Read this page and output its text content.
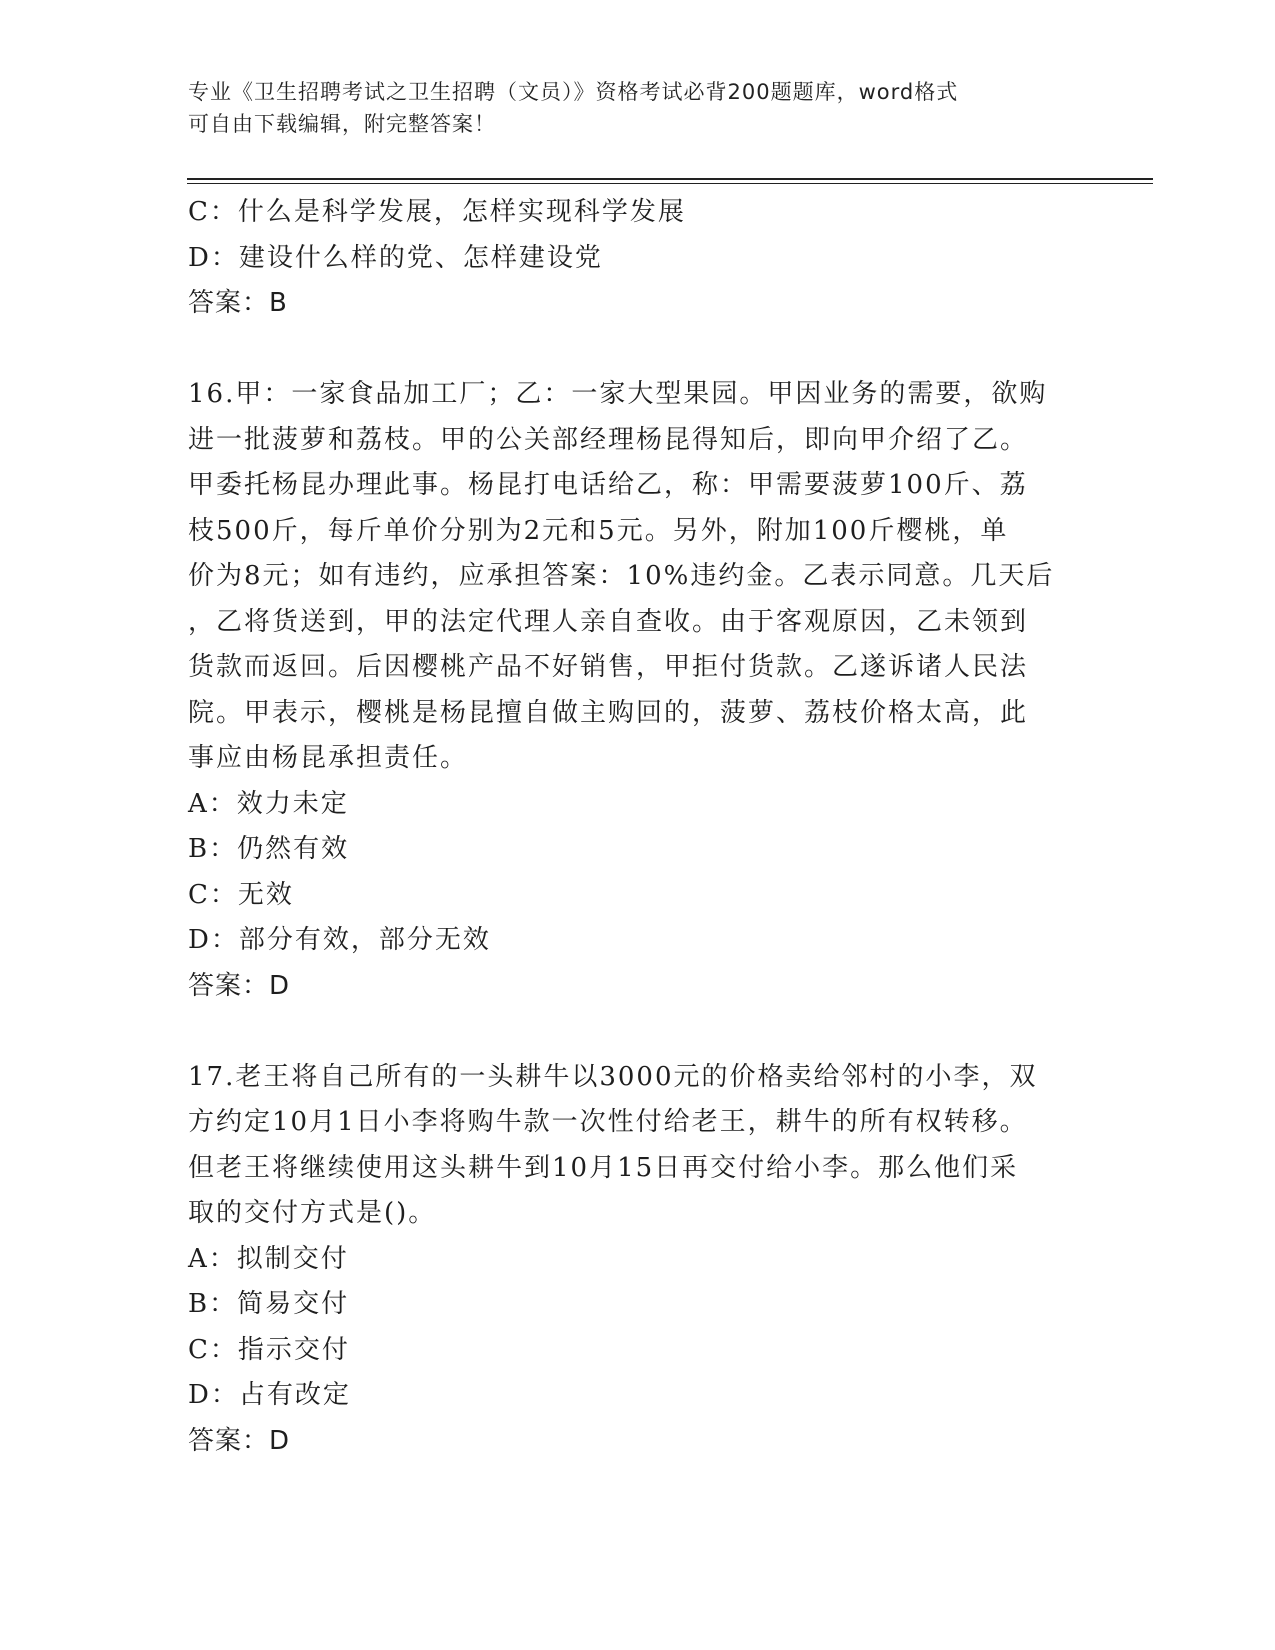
专业《卫生招聘考试之卫生招聘（文员）》资格考试必背200题题库，word格式
可自由下载编辑，附完整答案！
C：什么是科学发展，怎样实现科学发展
D：建设什么样的党、怎样建设党
答案：B
16.甲：一家食品加工厂；乙：一家大型果园。甲因业务的需要，欲购
进一批菠萝和荔枝。甲的公关部经理杨昆得知后，即向甲介绍了乙。
甲委托杨昆办理此事。杨昆打电话给乙，称：甲需要菠萝100斤、荔
枝500斤，每斤单价分别为2元和5元。另外，附加100斤樱桃，单
价为8元；如有违约，应承担答案：10%违约金。乙表示同意。几天后
，乙将货送到，甲的法定代理人亲自查收。由于客观原因，乙未领到
货款而返回。后因樱桃产品不好销售，甲拒付货款。乙遂诉诸人民法
院。甲表示，樱桃是杨昆擅自做主购回的，菠萝、荔枝价格太高，此
事应由杨昆承担责任。
A：效力未定
B：仍然有效
C：无效
D：部分有效，部分无效
答案：D
17.老王将自己所有的一头耕牛以3000元的价格卖给邻村的小李，双
方约定10月1日小李将购牛款一次性付给老王，耕牛的所有权转移。
但老王将继续使用这头耕牛到10月15日再交付给小李。那么他们采
取的交付方式是()。
A：拟制交付
B：简易交付
C：指示交付
D：占有改定
答案：D
